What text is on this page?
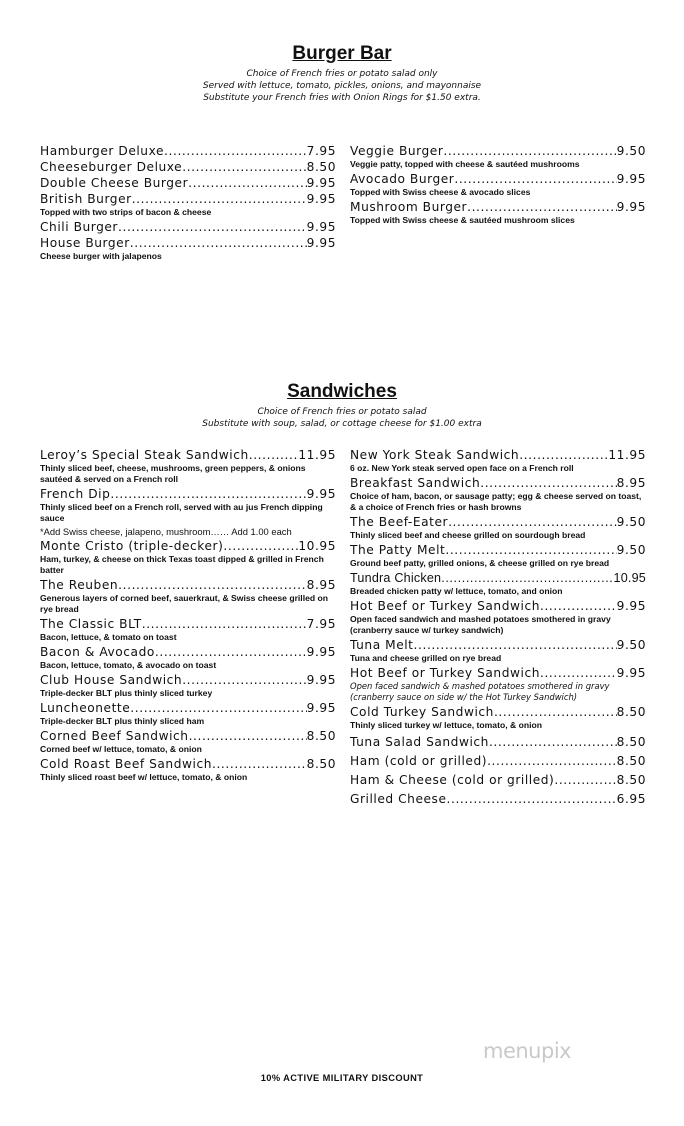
Burger Bar
Choice of French fries or potato salad only
Served with lettuce, tomato, pickles, onions, and mayonnaise
Substitute your French fries with Onion Rings for $1.50 extra.
Hamburger Deluxe .....	7.95
Cheeseburger Deluxe .....	8.50
Double Cheese Burger .....	9.95
British Burger .....	9.95
Topped with two strips of bacon & cheese
Chili Burger .....	9.95
House Burger .....	9.95
Cheese burger with jalapenos
Veggie Burger .....	9.50
Veggie patty, topped with cheese & sautéed mushrooms
Avocado Burger .....	9.95
Topped with Swiss cheese & avocado slices
Mushroom Burger .....	9.95
Topped with Swiss cheese & sautéed mushroom slices
Sandwiches
Choice of French fries or potato salad
Substitute with soup, salad, or cottage cheese for $1.00 extra
Leroy’s Special Steak Sandwich .....	11.95
Thinly sliced beef, cheese, mushrooms, green peppers, & onions sautéed & served on a French roll
French Dip .....	9.95
Thinly sliced beef on a French roll, served with au jus French dipping sauce
*Add Swiss cheese, jalapeno, mushroom…… Add 1.00 each
Monte Cristo (triple-decker) .....	10.95
Ham, turkey, & cheese on thick Texas toast dipped & grilled in French batter
The Reuben .....	8.95
Generous layers of corned beef, sauerkraut, & Swiss cheese grilled on rye bread
The Classic BLT .....	7.95
Bacon, lettuce, & tomato on toast
Bacon & Avocado .....	9.95
Bacon, lettuce, tomato, & avocado on toast
Club House Sandwich .....	9.95
Triple-decker BLT plus thinly sliced turkey
Luncheonette .....	9.95
Triple-decker BLT plus thinly sliced ham
Corned Beef Sandwich .....	8.50
Corned beef w/ lettuce, tomato, & onion
Cold Roast Beef Sandwich .....	8.50
Thinly sliced roast beef w/ lettuce, tomato, & onion
New York Steak Sandwich .....	11.95
6 oz. New York steak served open face on a French roll
Breakfast Sandwich .....	8.95
Choice of ham, bacon, or sausage patty; egg & cheese served on toast, & a choice of French fries or hash browns
The Beef-Eater .....	9.50
Thinly sliced beef and cheese grilled on sourdough bread
The Patty Melt .....	9.50
Ground beef patty, grilled onions, & cheese grilled on rye bread
Tundra Chicken .....	10.95
Breaded chicken patty w/ lettuce, tomato, and onion
Hot Beef or Turkey Sandwich .....	9.95
Open faced sandwich and mashed potatoes smothered in gravy (cranberry sauce w/ turkey sandwich)
Tuna Melt .....	9.50
Tuna and cheese grilled on rye bread
Hot Beef or Turkey Sandwich .....	9.95
Open faced sandwich & mashed potatoes smothered in gravy (cranberry sauce on side w/ the Hot Turkey Sandwich)
Cold Turkey Sandwich .....	8.50
Thinly sliced turkey w/ lettuce, tomato, & onion
Tuna Salad Sandwich .....	8.50
Ham (cold or grilled) .....	8.50
Ham & Cheese (cold or grilled) .....	8.50
Grilled Cheese .....	6.95
menupix
10% ACTIVE MILITARY DISCOUNT
